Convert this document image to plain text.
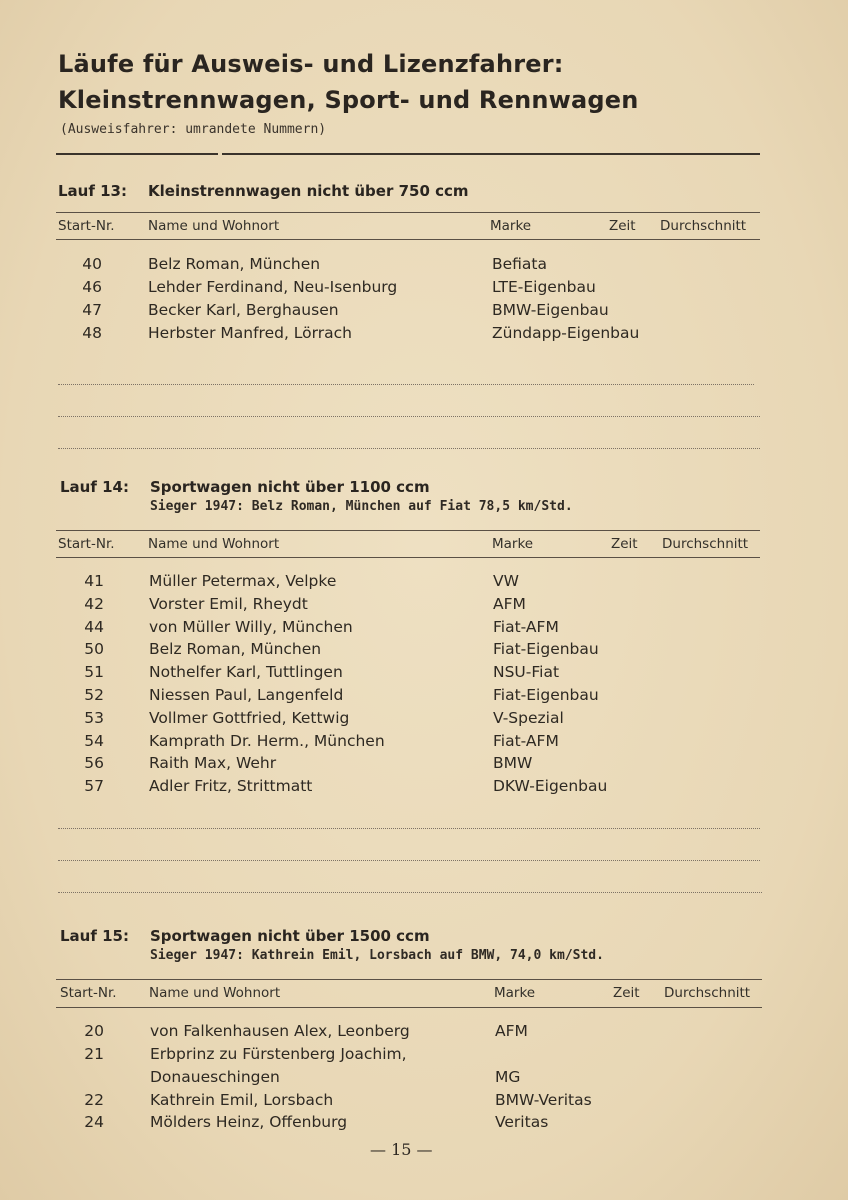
Läufe für Ausweis- und Lizenzfahrer:
Kleinstrennwagen, Sport- und Rennwagen
(Ausweisfahrer: umrandete Nummern)
Lauf 13: Kleinstrennwagen nicht über 750 ccm
Start-Nr. Name und Wohnort	Marke	Zeit Durchschnitt
40	Belz Roman, München	Befiata
46	Lehder Ferdinand, Neu-Isenburg	LTE-Eigenbau
47	Becker Karl, Berghausen	BMW-Eigenbau
48	Herbster Manfred, Lörrach	Zündapp-Eigenbau
Lauf 14: Sportwagen nicht über 1100 ccm
Sieger 1947: Belz Roman, München auf Fiat 78,5 km/Std.
Start-Nr. Name und Wohnort	Marke	Zeit Durchschnitt
41	Müller Petermax, Velpke	VW
42	Vorster Emil, Rheydt	AFM
44	von Müller Willy, München	Fiat-AFM
50	Belz Roman, München	Fiat-Eigenbau
51	Nothelfer Karl, Tuttlingen	NSU-Fiat
52	Niessen Paul, Langenfeld	Fiat-Eigenbau
53	Vollmer Gottfried, Kettwig	V-Spezial
54	Kamprath Dr. Herm., München	Fiat-AFM
56	Raith Max, Wehr	BMW
57	Adler Fritz, Strittmatt	DKW-Eigenbau
Lauf 15: Sportwagen nicht über 1500 ccm
Sieger 1947: Kathrein Emil, Lorsbach auf BMW, 74,0 km/Std.
Start-Nr. Name und Wohnort	Marke	Zeit Durchschnitt
20	von Falkenhausen Alex, Leonberg	AFM
21	Erbprinz zu Fürstenberg Joachim,
Donaueschingen	MG
22	Kathrein Emil, Lorsbach	BMW-Veritas
24	Mölders Heinz, Offenburg	Veritas
— 15 —
